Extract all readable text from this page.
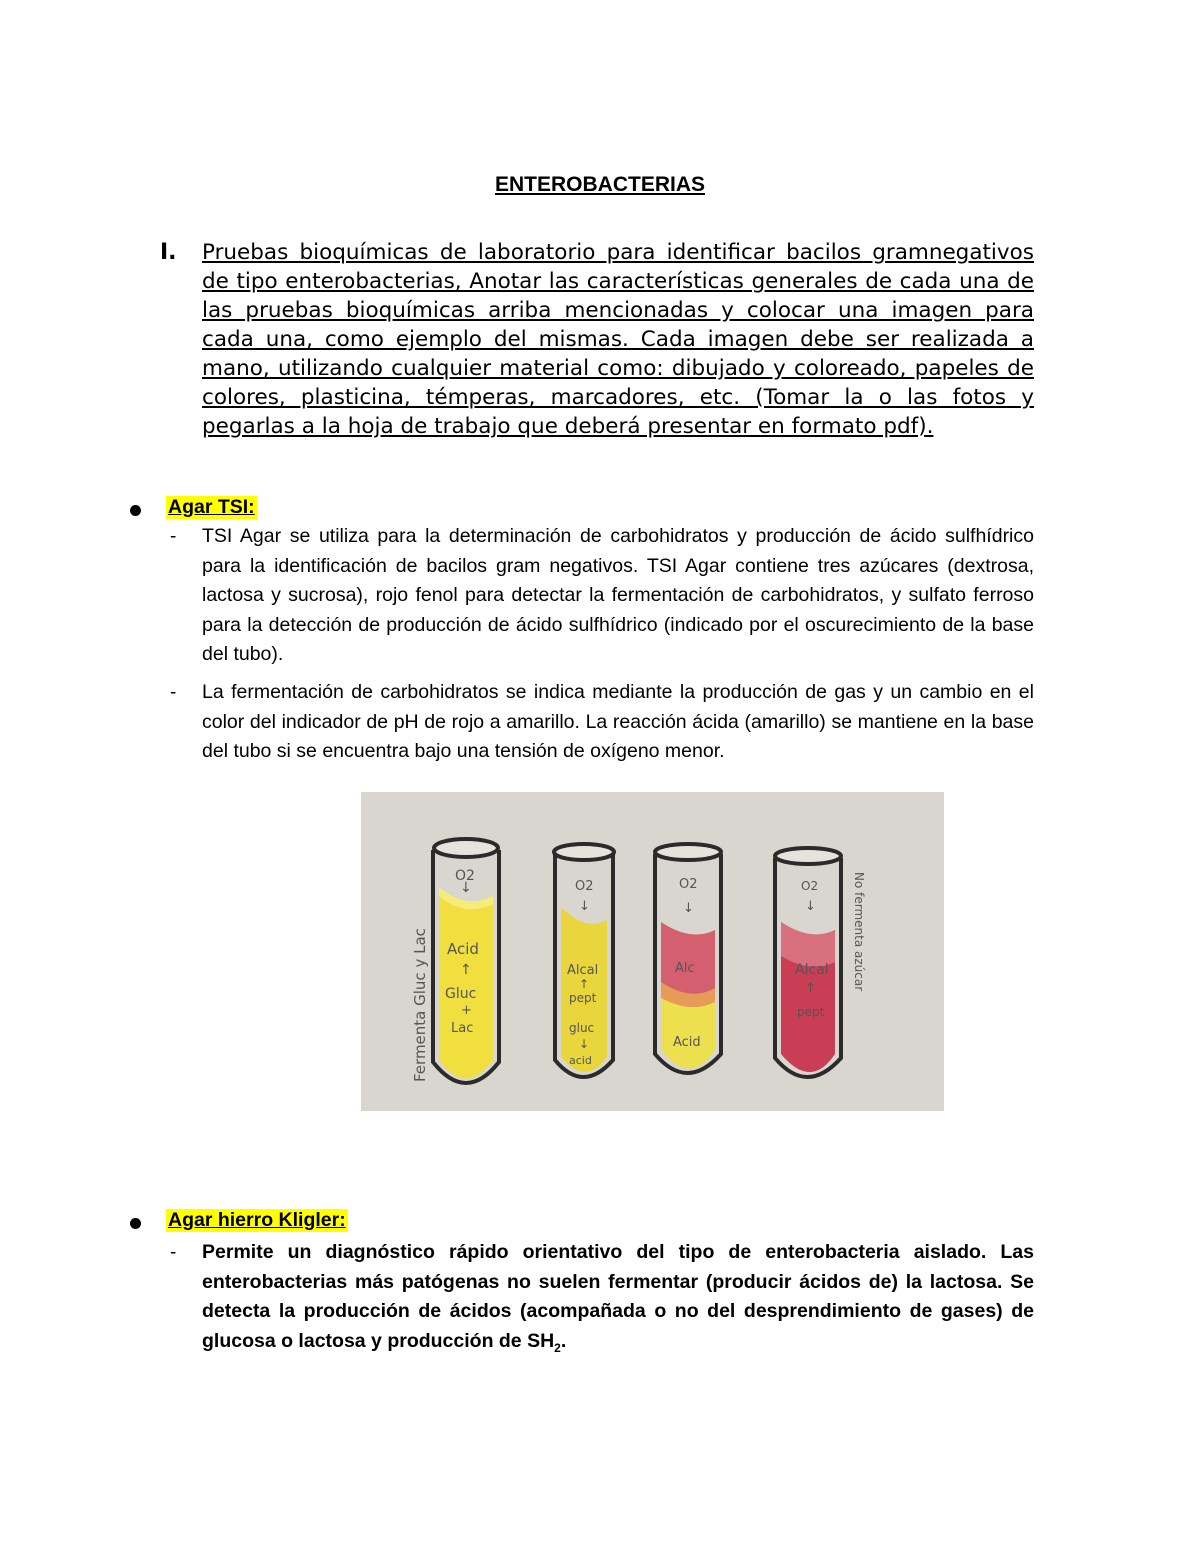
ENTEROBACTERIAS
I. Pruebas bioquímicas de laboratorio para identificar bacilos gramnegativos de tipo enterobacterias, Anotar las características generales de cada una de las pruebas bioquímicas arriba mencionadas y colocar una imagen para cada una, como ejemplo del mismas. Cada imagen debe ser realizada a mano, utilizando cualquier material como: dibujado y coloreado, papeles de colores, plasticina, témperas, marcadores, etc. (Tomar la o las fotos y pegarlas a la hoja de trabajo que deberá presentar en formato pdf).
Agar TSI:
- TSI Agar se utiliza para la determinación de carbohidratos y producción de ácido sulfhídrico para la identificación de bacilos gram negativos. TSI Agar contiene tres azúcares (dextrosa, lactosa y sucrosa), rojo fenol para detectar la fermentación de carbohidratos, y sulfato ferroso para la detección de producción de ácido sulfhídrico (indicado por el oscurecimiento de la base del tubo).
- La fermentación de carbohidratos se indica mediante la producción de gas y un cambio en el color del indicador de pH de rojo a amarillo. La reacción ácida (amarillo) se mantiene en la base del tubo si se encuentra bajo una tensión de oxígeno menor.
O2
↓
Acid
↑
Gluc
+
Lac
O2
↓
Alcal
↑
pept
gluc
↓
acid
O2
↓
Alc
Acid
O2
↓
Alcal
↑
pept
Fermenta Gluc y Lac	No fermenta azúcar
Agar hierro Kligler:
- Permite un diagnóstico rápido orientativo del tipo de enterobacteria aislado. Las enterobacterias más patógenas no suelen fermentar (producir ácidos de) la lactosa. Se detecta la producción de ácidos (acompañada o no del desprendimiento de gases) de glucosa o lactosa y producción de $SH_2$.
